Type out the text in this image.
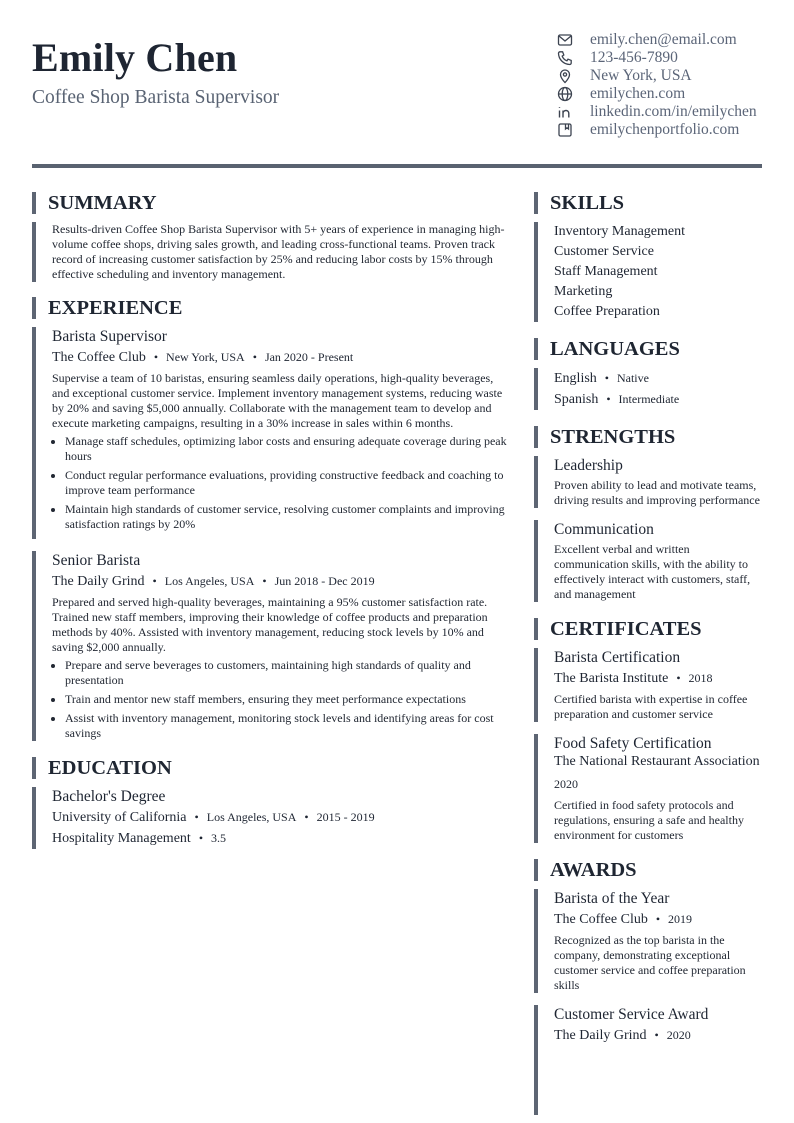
Emily Chen

Coffee Shop Barista Supervisor

emily.chen@email.com
123-456-7890
New York, USA
emilychen.com
linkedin.com/in/emilychen
emilychenportfolio.com
SUMMARY

Results-driven Coffee Shop Barista Supervisor with 5+ years of experience in managing high-volume coffee shops, driving sales growth, and leading cross-functional teams. Proven track record of increasing customer satisfaction by 25% and reducing labor costs by 15% through effective scheduling and inventory management.

EXPERIENCE

Barista Supervisor

The Coffee Club • New York, USA • Jan 2020 - Present

Supervise a team of 10 baristas, ensuring seamless daily operations, high-quality beverages, and exceptional customer service. Implement inventory management systems, reducing waste by 20% and saving $5,000 annually. Collaborate with the management team to develop and execute marketing campaigns, resulting in a 30% increase in sales within 6 months.

• Manage staff schedules, optimizing labor costs and ensuring adequate coverage during peak hours
• Conduct regular performance evaluations, providing constructive feedback and coaching to improve team performance
• Maintain high standards of customer service, resolving customer complaints and improving satisfaction ratings by 20%

Senior Barista

The Daily Grind • Los Angeles, USA • Jun 2018 - Dec 2019

Prepared and served high-quality beverages, maintaining a 95% customer satisfaction rate. Trained new staff members, improving their knowledge of coffee products and preparation methods by 40%. Assisted with inventory management, reducing stock levels by 10% and saving $2,000 annually.

• Prepare and serve beverages to customers, maintaining high standards of quality and presentation
• Train and mentor new staff members, ensuring they meet performance expectations
• Assist with inventory management, monitoring stock levels and identifying areas for cost savings
EDUCATION

Bachelor's Degree

University of California • Los Angeles, USA • 2015 - 2019

Hospitality Management • 3.5

SKILLS
Inventory Management
Customer Service
Staff Management
Marketing
Coffee Preparation
LANGUAGES
English • Native
Spanish • Intermediate
STRENGTHS

Leadership

Proven ability to lead and motivate teams, driving results and improving performance

Communication

Excellent verbal and written communication skills, with the ability to effectively interact with customers, staff, and management

CERTIFICATES

Barista Certification

The Barista Institute • 2018

Certified barista with expertise in coffee preparation and customer service

Food Safety Certification

The National Restaurant Association

2020

Certified in food safety protocols and regulations, ensuring a safe and healthy environment for customers

AWARDS

Barista of the Year

The Coffee Club • 2019

Recognized as the top barista in the company, demonstrating exceptional customer service and coffee preparation skills

Customer Service Award

The Daily Grind • 2020
